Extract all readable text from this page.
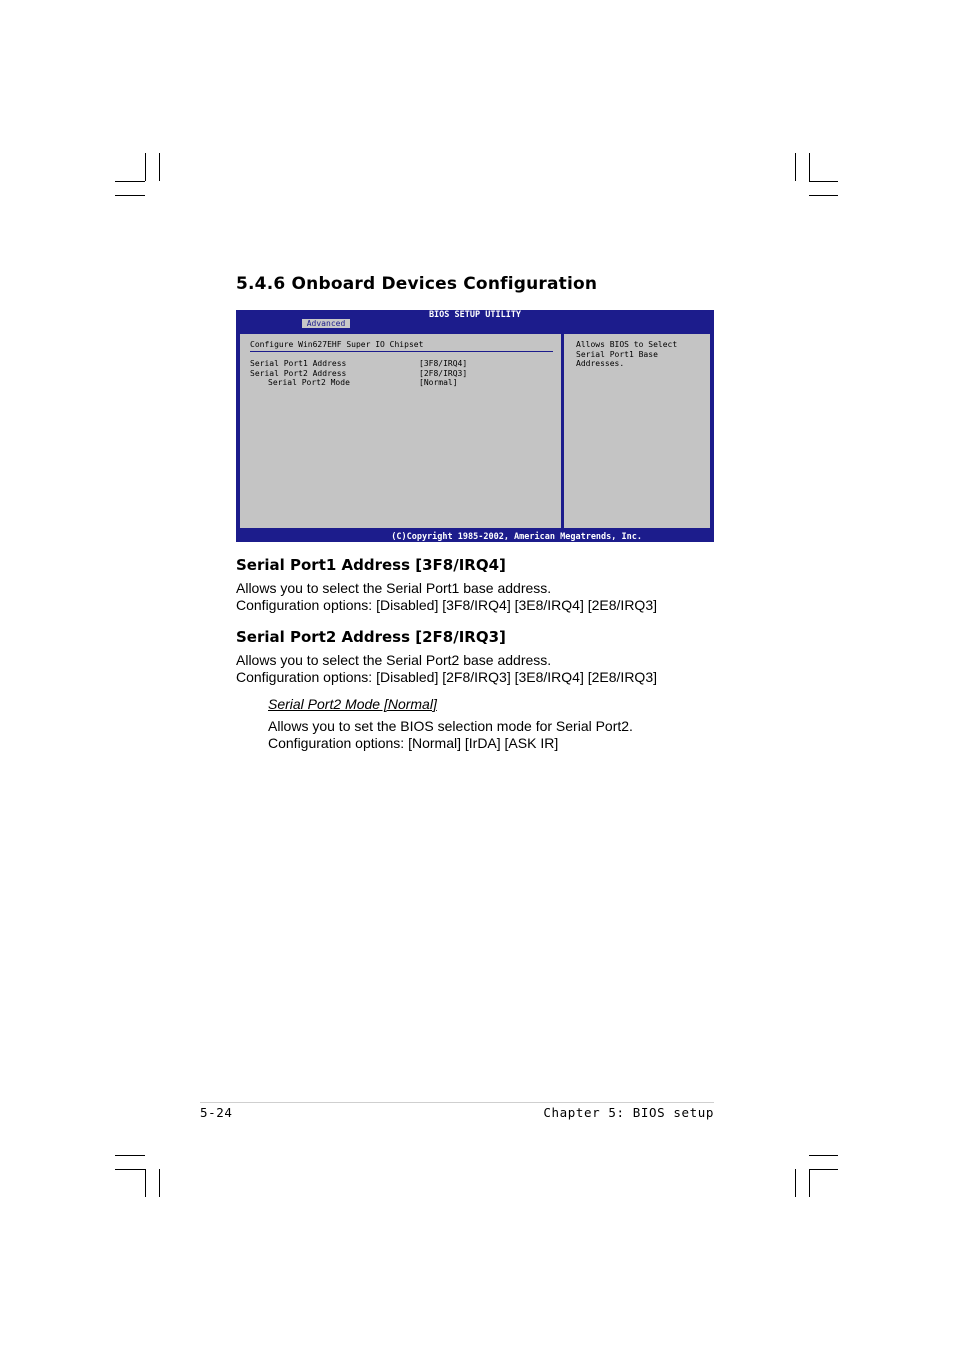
5.4.6 Onboard Devices Configuration
BIOS SETUP UTILITY
Advanced
Configure Win627EHF Super IO Chipset
Serial Port1 Address	[3F8/IRQ4]
Serial Port2 Address	[2F8/IRQ3]
Serial Port2 Mode	[Normal]
Allows BIOS to Select
Serial Port1 Base
Addresses.
(C)Copyright 1985-2002, American Megatrends, Inc.
Serial Port1 Address [3F8/IRQ4]

Allows you to select the Serial Port1 base address.

Configuration options: [Disabled] [3F8/IRQ4] [3E8/IRQ4] [2E8/IRQ3]

Serial Port2 Address [2F8/IRQ3]

Allows you to select the Serial Port2 base address.

Configuration options: [Disabled] [2F8/IRQ3] [3E8/IRQ4] [2E8/IRQ3]

Serial Port2 Mode [Normal]

Allows you to set the BIOS selection mode for Serial Port2.

Configuration options: [Normal] [IrDA] [ASK IR]

5-24	Chapter 5: BIOS setup
